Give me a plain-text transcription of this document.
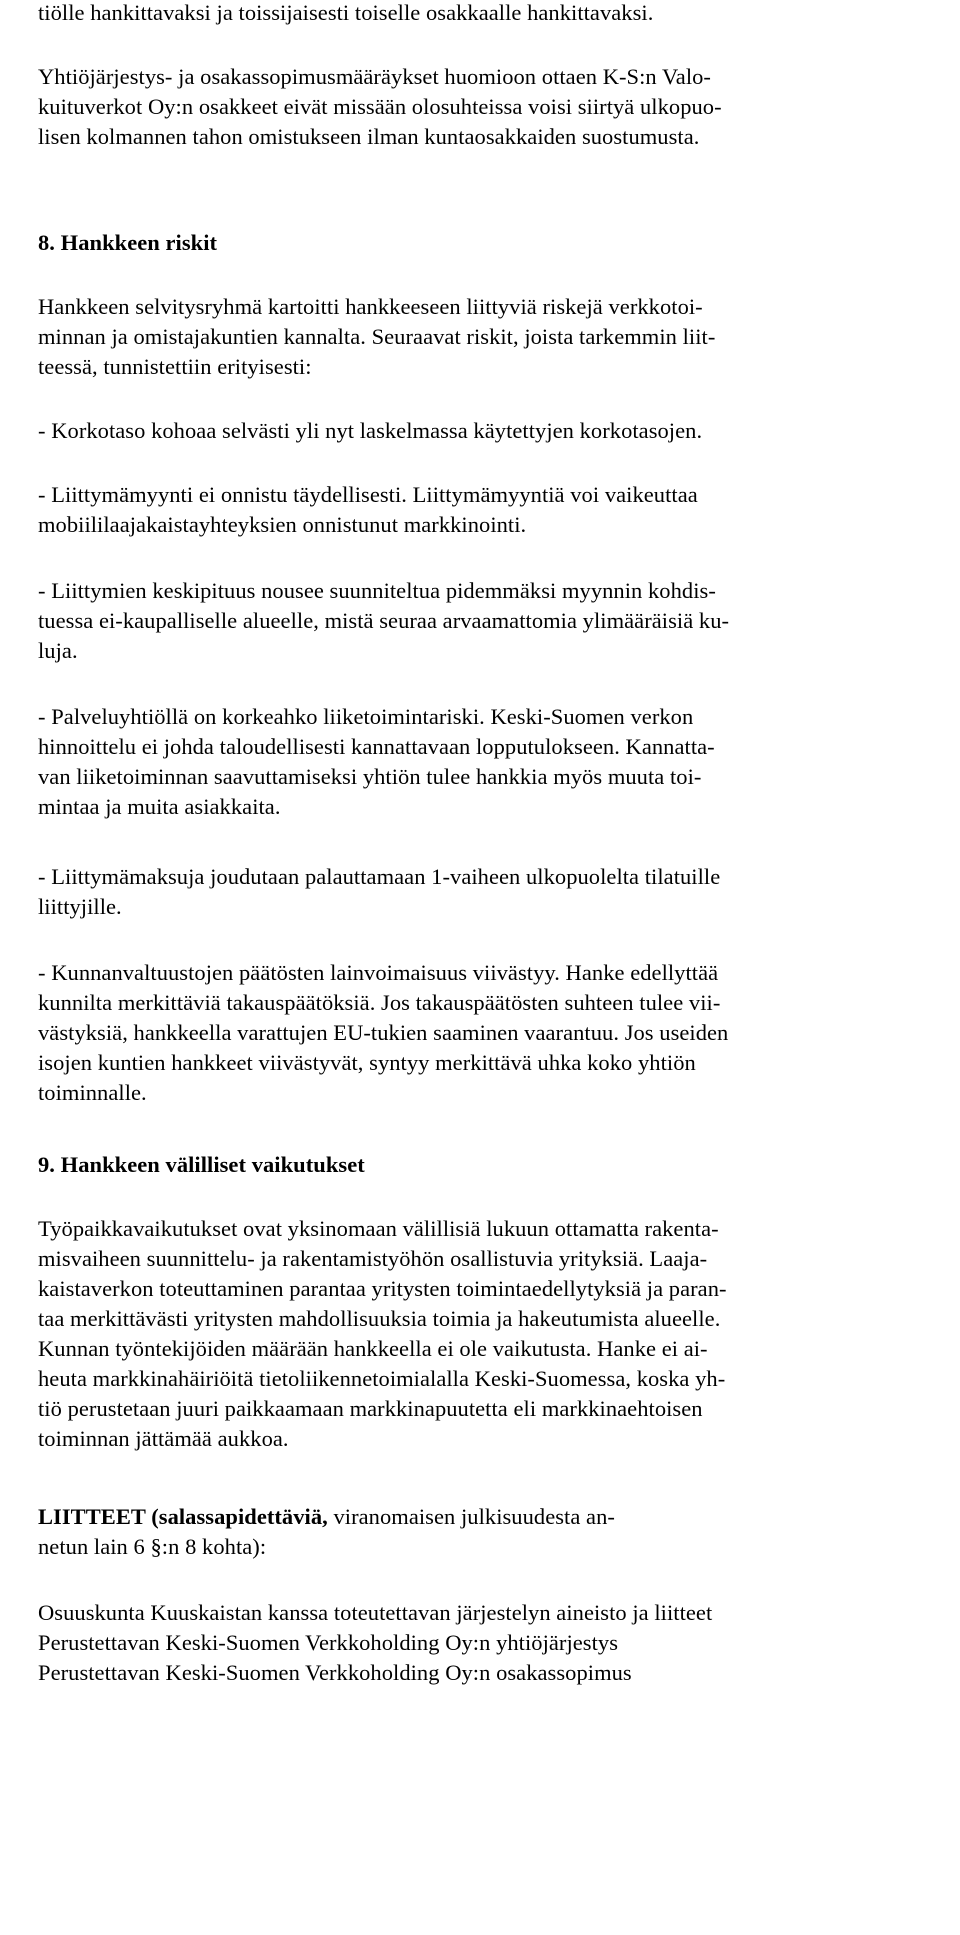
tiölle hankittavaksi ja toissijaisesti toiselle osakkaalle hankittavaksi.
Yhtiöjärjestys- ja osakassopimusmääräykset huomioon ottaen K-S:n Valo-
kuituverkot Oy:n osakkeet eivät missään olosuhteissa voisi siirtyä ulkopuo-
lisen kolmannen tahon omistukseen ilman kuntaosakkaiden suostumusta.
8. Hankkeen riskit
Hankkeen selvitysryhmä kartoitti hankkeeseen liittyviä riskejä verkkotoi-
minnan ja omistajakuntien kannalta. Seuraavat riskit, joista tarkemmin liit-
teessä, tunnistettiin erityisesti:
- Korkotaso kohoaa selvästi yli nyt laskelmassa käytettyjen korkotasojen.
- Liittymämyynti ei onnistu täydellisesti. Liittymämyyntiä voi vaikeuttaa
mobiililaajakaistayhteyksien onnistunut markkinointi.
- Liittymien keskipituus nousee suunniteltua pidemmäksi myynnin kohdis-
tuessa ei-kaupalliselle alueelle, mistä seuraa arvaamattomia ylimääräisiä ku-
luja.
- Palveluyhtiöllä on korkeahko liiketoimintariski. Keski-Suomen verkon
hinnoittelu ei johda taloudellisesti kannattavaan lopputulokseen. Kannatta-
van liiketoiminnan saavuttamiseksi yhtiön tulee hankkia myös muuta toi-
mintaa ja muita asiakkaita.
- Liittymämaksuja joudutaan palauttamaan 1-vaiheen ulkopuolelta tilatuille
liittyjille.
- Kunnanvaltuustojen päätösten lainvoimaisuus viivästyy. Hanke edellyttää
kunnilta merkittäviä takauspäätöksiä. Jos takauspäätösten suhteen tulee vii-
västyksiä, hankkeella varattujen EU-tukien saaminen vaarantuu. Jos useiden
isojen kuntien hankkeet viivästyvät, syntyy merkittävä uhka koko yhtiön
toiminnalle.
9. Hankkeen välilliset vaikutukset
Työpaikkavaikutukset ovat yksinomaan välillisiä lukuun ottamatta rakenta-
misvaiheen suunnittelu- ja rakentamistyöhön osallistuvia yrityksiä. Laaja-
kaistaverkon toteuttaminen parantaa yritysten toimintaedellytyksiä ja paran-
taa merkittävästi yritysten mahdollisuuksia toimia ja hakeutumista alueelle.
Kunnan työntekijöiden määrään hankkeella ei ole vaikutusta. Hanke ei ai-
heuta markkinahäiriöitä tietoliikennetoimialalla Keski-Suomessa, koska yh-
tiö perustetaan juuri paikkaamaan markkinapuutetta eli markkinaehtoisen
toiminnan jättämää aukkoa.
LIITTEET (salassapidettäviä, viranomaisen julkisuudesta an-
netun lain 6 §:n 8 kohta):
Osuuskunta Kuuskaistan kanssa toteutettavan järjestelyn aineisto ja liitteet
Perustettavan Keski-Suomen Verkkoholding Oy:n yhtiöjärjestys
Perustettavan Keski-Suomen Verkkoholding Oy:n osakassopimus
